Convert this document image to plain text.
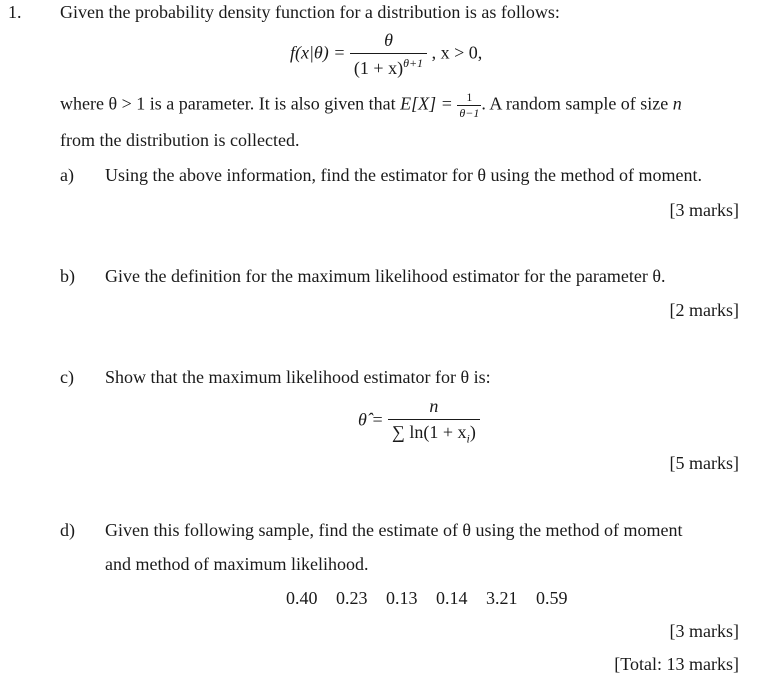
1. Given the probability density function for a distribution is as follows:
$f(x|\theta) = \frac{\theta}{(1 + x)^{\theta+1}}$ , x > 0,
where θ > 1 is a parameter. It is also given that $E[X] = \frac{1}{\theta-1}$ . A random sample of size n
from the distribution is collected.
a) Using the above information, find the estimator for θ using the method of moment.
[3 marks]
b) Give the definition for the maximum likelihood estimator for the parameter θ.
[2 marks]
c) Show that the maximum likelihood estimator for θ is:
θ̂ = $\frac{n}{\sum \ln(1 + x_i)}$
[5 marks]
d) Given this following sample, find the estimate of θ using the method of moment
and method of maximum likelihood.
0.40 0.23 0.13 0.14 3.21 0.59
[3 marks]
[Total: 13 marks]
